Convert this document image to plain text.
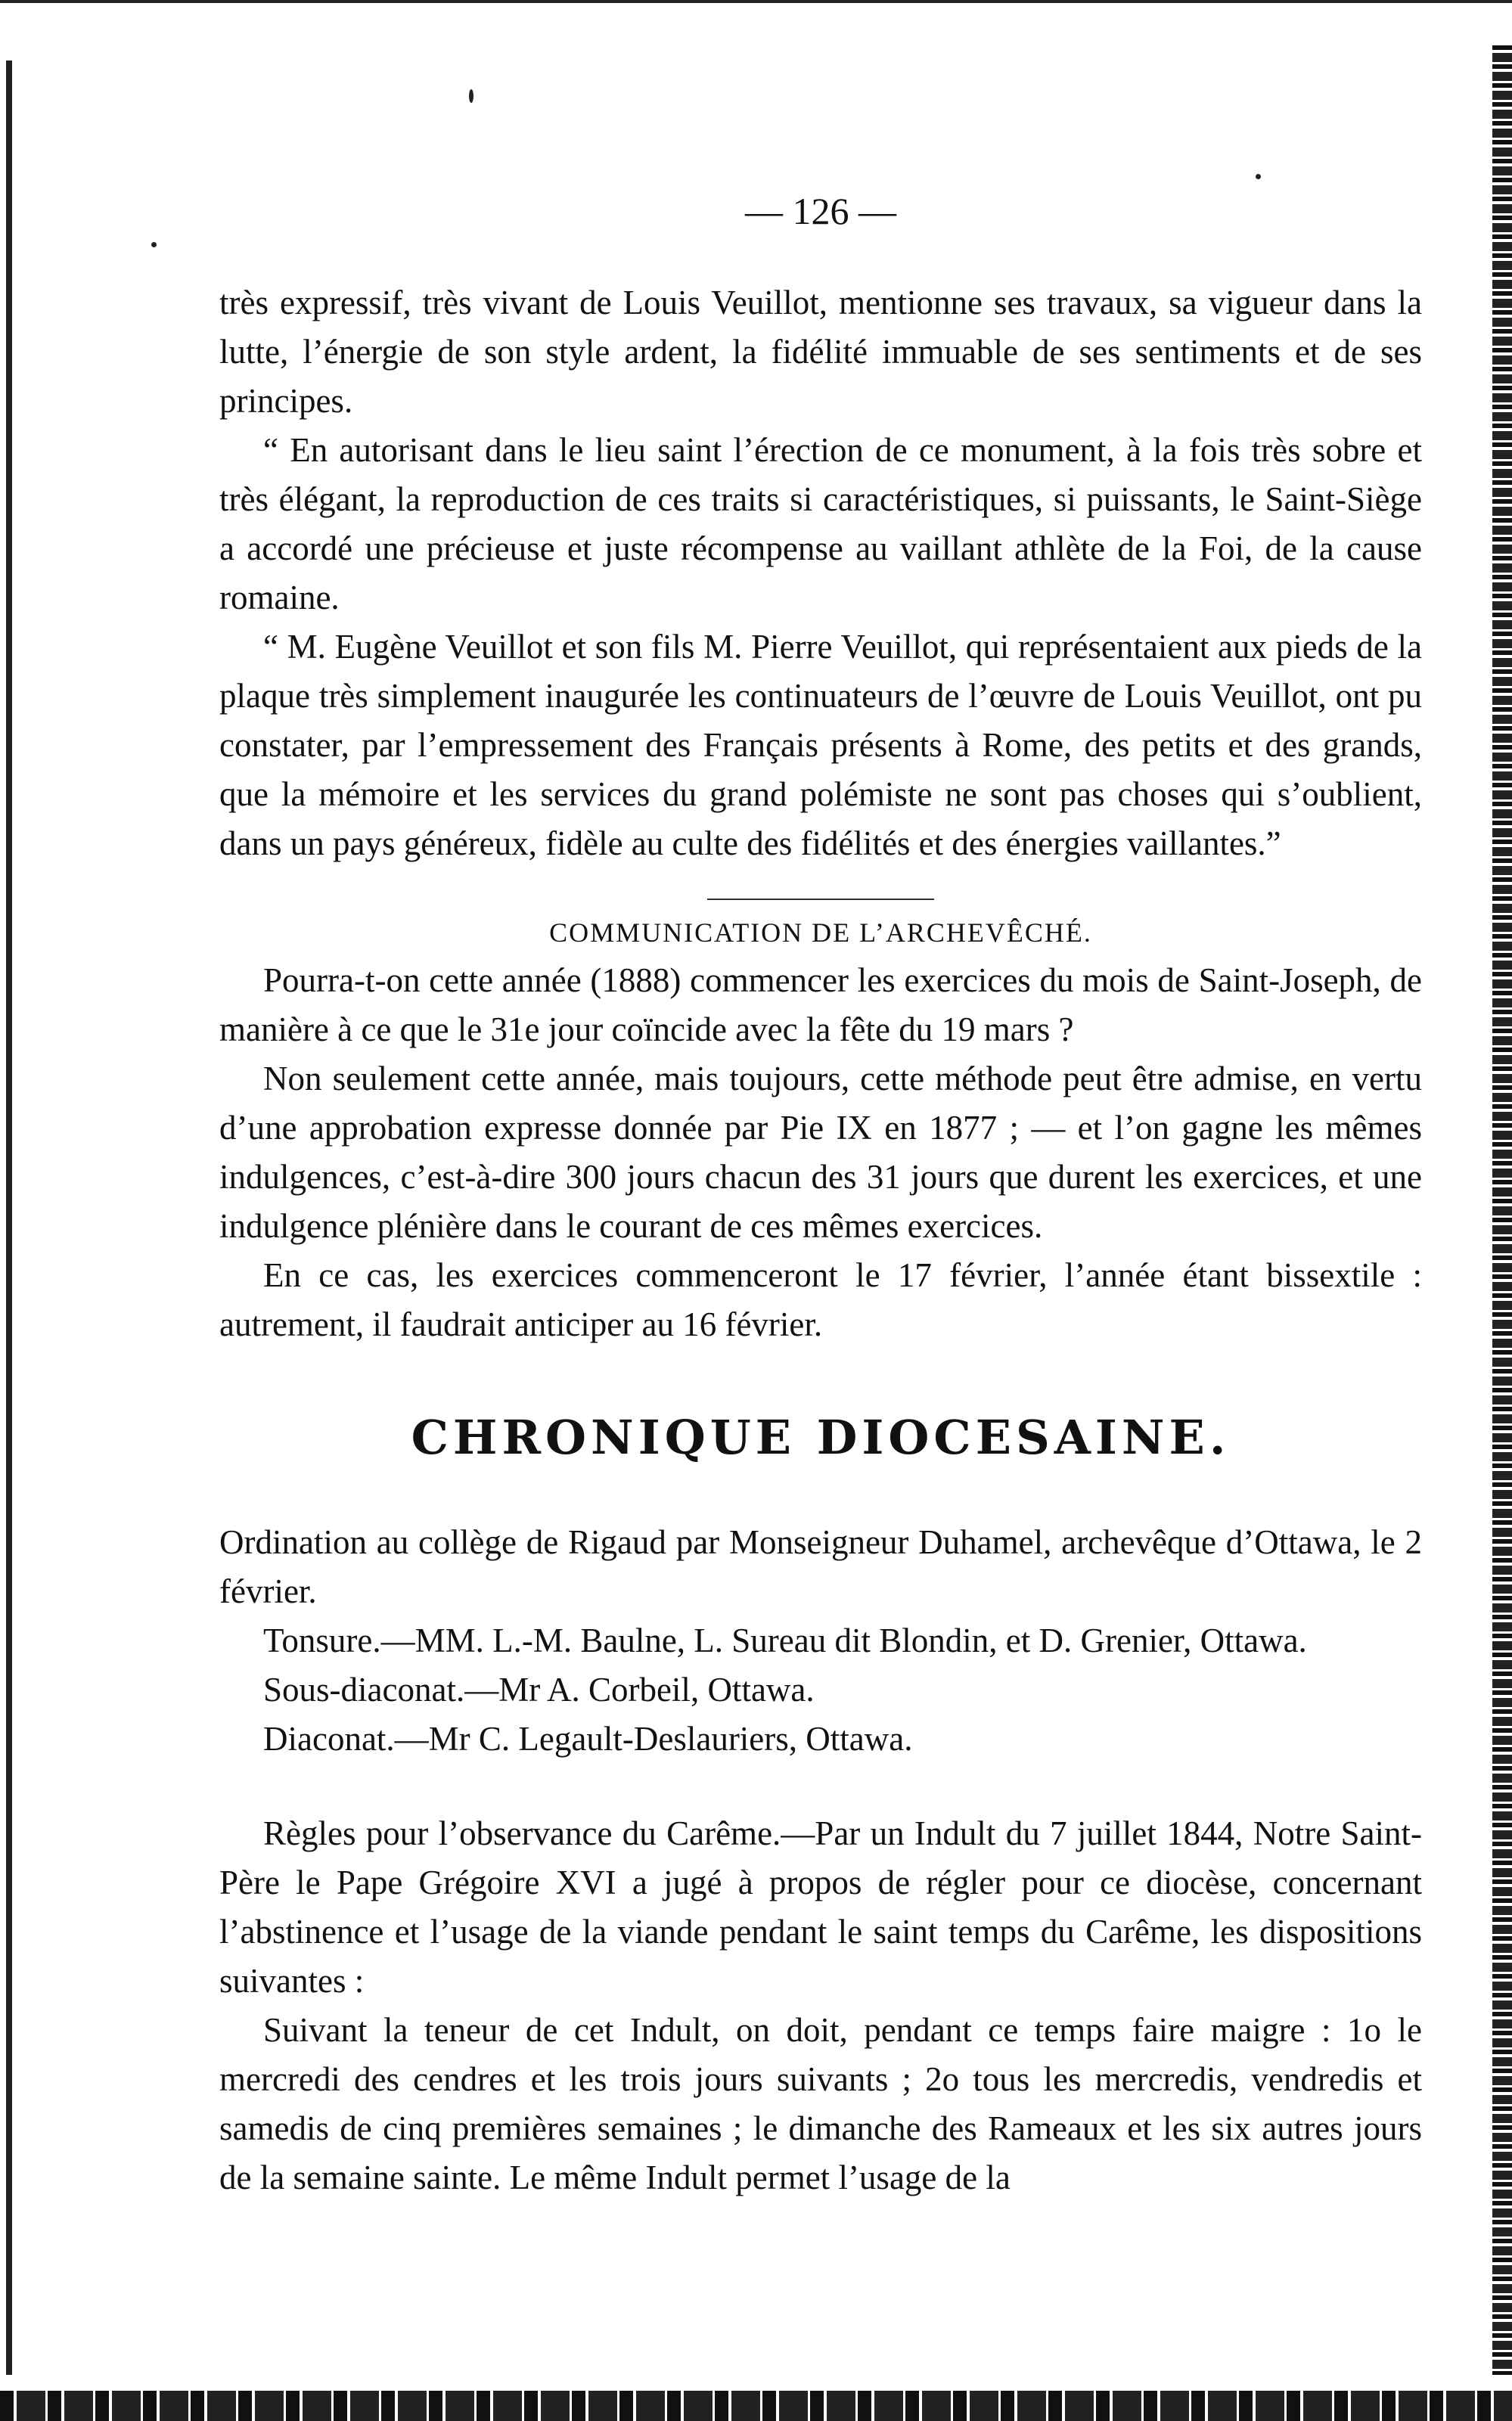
— 126 —

très expressif, très vivant de Louis Veuillot, mentionne ses travaux, sa vigueur dans la lutte, l’énergie de son style ardent, la fidélité immuable de ses sentiments et de ses principes.

“ En autorisant dans le lieu saint l’érection de ce monument, à la fois très sobre et très élégant, la reproduction de ces traits si caractéristiques, si puissants, le Saint-Siège a accordé une précieuse et juste récompense au vaillant athlète de la Foi, de la cause romaine.

“ M. Eugène Veuillot et son fils M. Pierre Veuillot, qui représentaient aux pieds de la plaque très simplement inaugurée les continuateurs de l’œuvre de Louis Veuillot, ont pu constater, par l’empressement des Français présents à Rome, des petits et des grands, que la mémoire et les services du grand polémiste ne sont pas choses qui s’oublient, dans un pays généreux, fidèle au culte des fidélités et des énergies vaillantes.”

COMMUNICATION DE L’ARCHEVÊCHÉ.

Pourra-t-on cette année (1888) commencer les exercices du mois de Saint-Joseph, de manière à ce que le 31e jour coïncide avec la fête du 19 mars ?

Non seulement cette année, mais toujours, cette méthode peut être admise, en vertu d’une approbation expresse donnée par Pie IX en 1877 ; — et l’on gagne les mêmes indulgences, c’est-à-dire 300 jours chacun des 31 jours que durent les exercices, et une indulgence plénière dans le courant de ces mêmes exercices.

En ce cas, les exercices commenceront le 17 février, l’année étant bissextile : autrement, il faudrait anticiper au 16 février.

CHRONIQUE DIOCESAINE.

Ordination au collège de Rigaud par Monseigneur Duhamel, archevêque d’Ottawa, le 2 février.

Tonsure.—MM. L.-M. Baulne, L. Sureau dit Blondin, et D. Grenier, Ottawa.

Sous-diaconat.—Mr A. Corbeil, Ottawa.

Diaconat.—Mr C. Legault-Deslauriers, Ottawa.

Règles pour l’observance du Carême.—Par un Indult du 7 juillet 1844, Notre Saint-Père le Pape Grégoire XVI a jugé à propos de régler pour ce diocèse, concernant l’abstinence et l’usage de la viande pendant le saint temps du Carême, les dispositions suivantes :

Suivant la teneur de cet Indult, on doit, pendant ce temps faire maigre : 1o le mercredi des cendres et les trois jours suivants ; 2o tous les mercredis, vendredis et samedis de cinq premières semaines ; le dimanche des Rameaux et les six autres jours de la semaine sainte. Le même Indult permet l’usage de la
